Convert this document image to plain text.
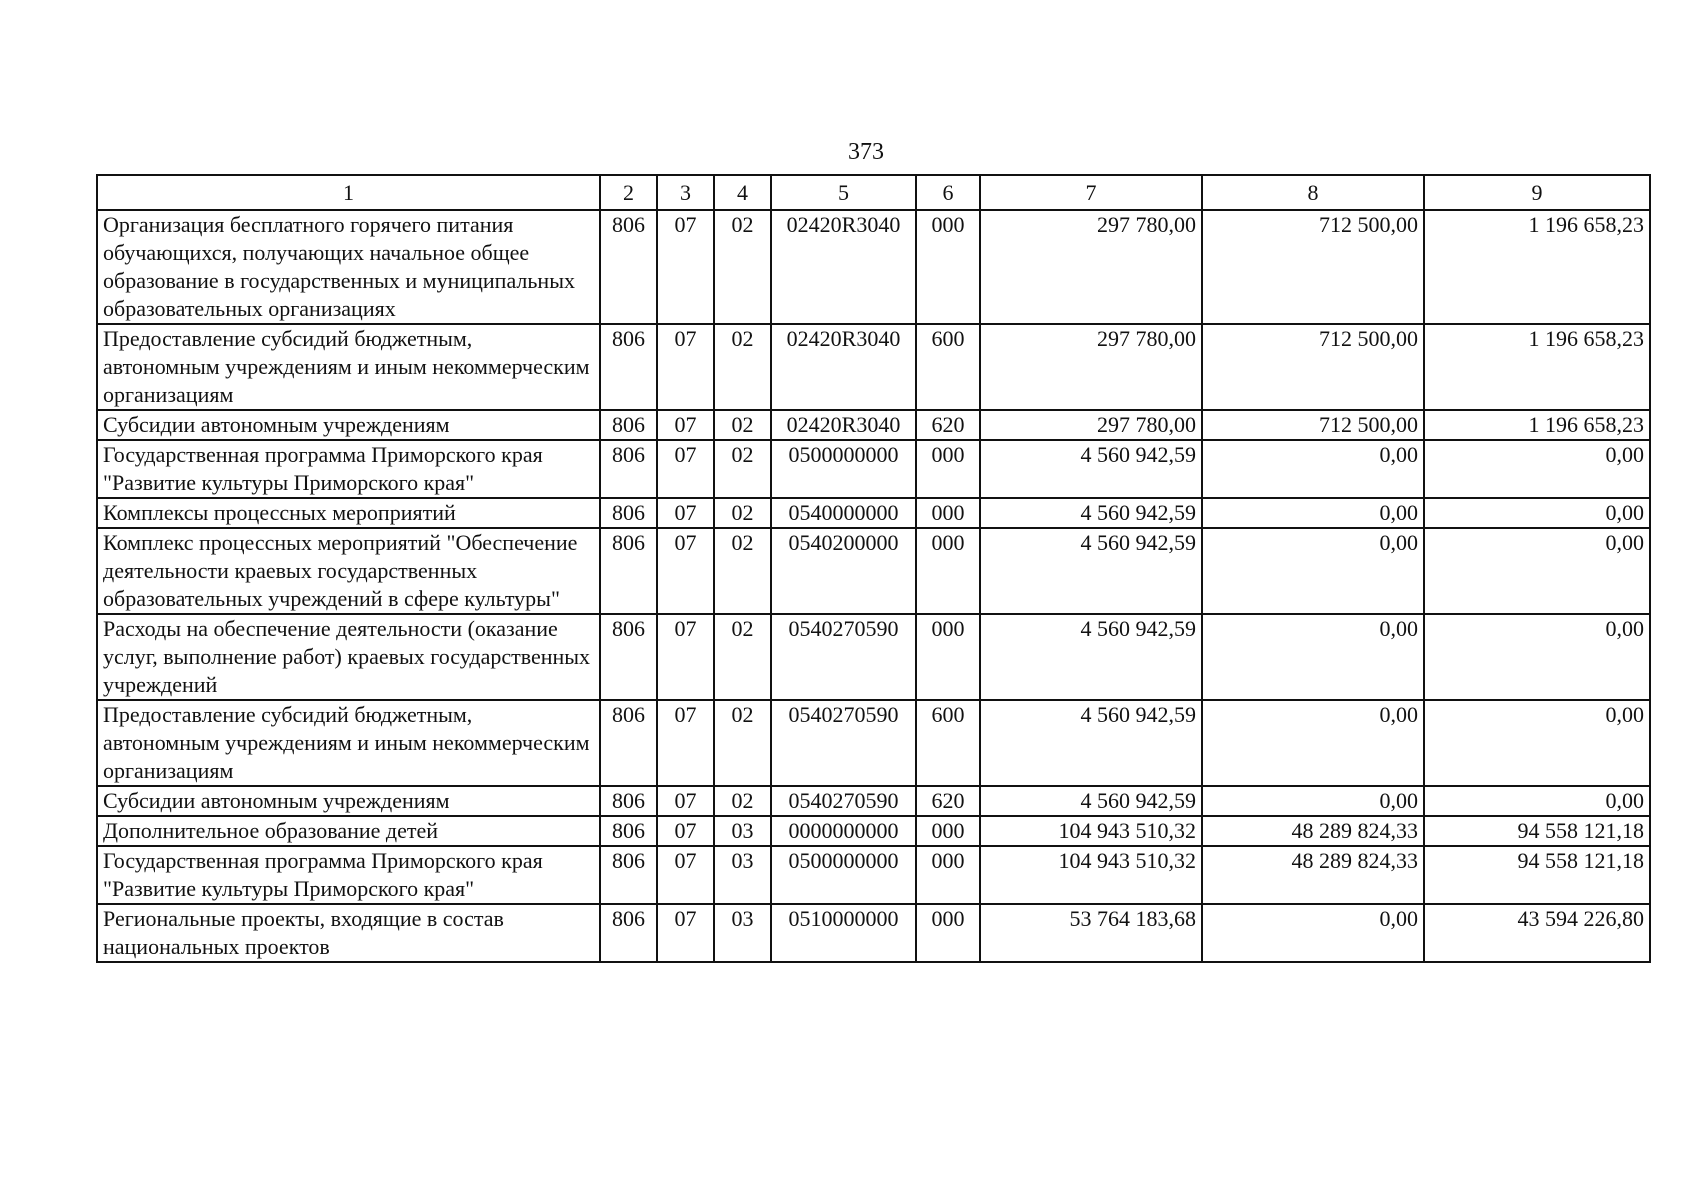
373
1	2	3	4	5	6	7	8	9
Организация бесплатного горячего питания обучающихся, получающих начальное общее образование в государственных и муниципальных образовательных организациях	806	07	02	02420R3040	000	297 780,00	712 500,00	1 196 658,23
Предоставление субсидий бюджетным, автономным учреждениям и иным некоммерческим организациям	806	07	02	02420R3040	600	297 780,00	712 500,00	1 196 658,23
Субсидии автономным учреждениям	806	07	02	02420R3040	620	297 780,00	712 500,00	1 196 658,23
Государственная программа Приморского края "Развитие культуры Приморского края"	806	07	02	0500000000	000	4 560 942,59	0,00	0,00
Комплексы процессных мероприятий	806	07	02	0540000000	000	4 560 942,59	0,00	0,00
Комплекс процессных мероприятий "Обеспечение деятельности краевых государственных образовательных учреждений в сфере культуры"	806	07	02	0540200000	000	4 560 942,59	0,00	0,00
Расходы на обеспечение деятельности (оказание услуг, выполнение работ) краевых государственных учреждений	806	07	02	0540270590	000	4 560 942,59	0,00	0,00
Предоставление субсидий бюджетным, автономным учреждениям и иным некоммерческим организациям	806	07	02	0540270590	600	4 560 942,59	0,00	0,00
Субсидии автономным учреждениям	806	07	02	0540270590	620	4 560 942,59	0,00	0,00
Дополнительное образование детей	806	07	03	0000000000	000	104 943 510,32	48 289 824,33	94 558 121,18
Государственная программа Приморского края "Развитие культуры Приморского края"	806	07	03	0500000000	000	104 943 510,32	48 289 824,33	94 558 121,18
Региональные проекты, входящие в состав национальных проектов	806	07	03	0510000000	000	53 764 183,68	0,00	43 594 226,80
